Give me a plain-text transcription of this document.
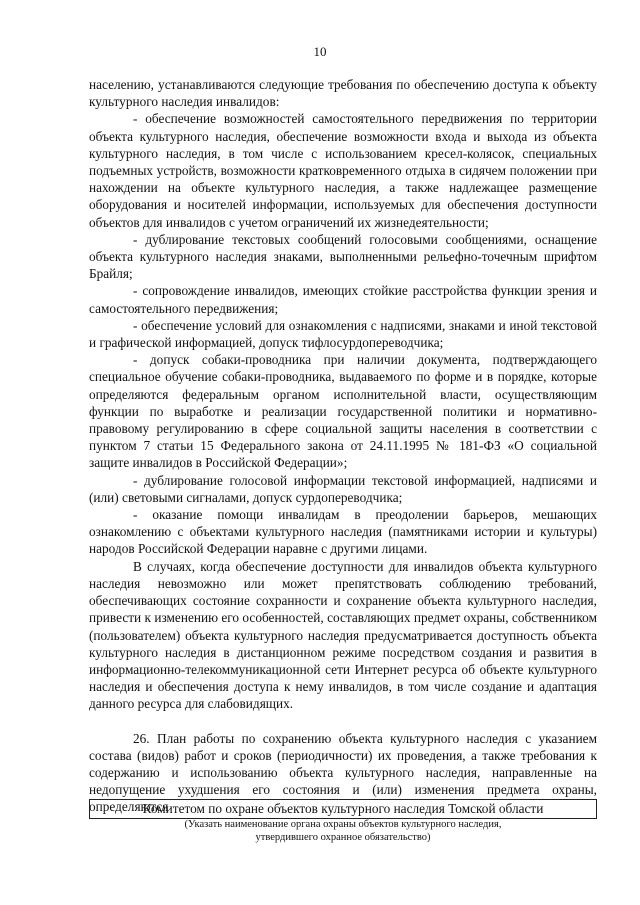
10

населению, устанавливаются следующие требования по обеспечению доступа к объекту культурного наследия инвалидов:

- обеспечение возможностей самостоятельного передвижения по территории объекта культурного наследия, обеспечение возможности входа и выхода из объекта культурного наследия, в том числе с использованием кресел-колясок, специальных подъемных устройств, возможности кратковременного отдыха в сидячем положении при нахождении на объекте культурного наследия, а также надлежащее размещение оборудования и носителей информации, используемых для обеспечения доступности объектов для инвалидов с учетом ограничений их жизнедеятельности;

- дублирование текстовых сообщений голосовыми сообщениями, оснащение объекта культурного наследия знаками, выполненными рельефно-точечным шрифтом Брайля;

- сопровождение инвалидов, имеющих стойкие расстройства функции зрения и самостоятельного передвижения;

- обеспечение условий для ознакомления с надписями, знаками и иной текстовой и графической информацией, допуск тифлосурдопереводчика;

- допуск собаки-проводника при наличии документа, подтверждающего специальное обучение собаки-проводника, выдаваемого по форме и в порядке, которые определяются федеральным органом исполнительной власти, осуществляющим функции по выработке и реализации государственной политики и нормативно-правовому регулированию в сфере социальной защиты населения в соответствии с пунктом 7 статьи 15 Федерального закона от 24.11.1995 № 181-ФЗ «О социальной защите инвалидов в Российской Федерации»;

- дублирование голосовой информации текстовой информацией, надписями и (или) световыми сигналами, допуск сурдопереводчика;

- оказание помощи инвалидам в преодолении барьеров, мешающих ознакомлению с объектами культурного наследия (памятниками истории и культуры) народов Российской Федерации наравне с другими лицами.

В случаях, когда обеспечение доступности для инвалидов объекта культурного наследия невозможно или может препятствовать соблюдению требований, обеспечивающих состояние сохранности и сохранение объекта культурного наследия, привести к изменению его особенностей, составляющих предмет охраны, собственником (пользователем) объекта культурного наследия предусматривается доступность объекта культурного наследия в дистанционном режиме посредством создания и развития в информационно-телекоммуникационной сети Интернет ресурса об объекте культурного наследия и обеспечения доступа к нему инвалидов, в том числе создание и адаптация данного ресурса для слабовидящих.

26. План работы по сохранению объекта культурного наследия с указанием состава (видов) работ и сроков (периодичности) их проведения, а также требования к содержанию и использованию объекта культурного наследия, направленные на недопущение ухудшения его состояния и (или) изменения предмета охраны, определяются

Комитетом по охране объектов культурного наследия Томской области
(Указать наименование органа охраны объектов культурного наследия,
утвердившего охранное обязательство)
